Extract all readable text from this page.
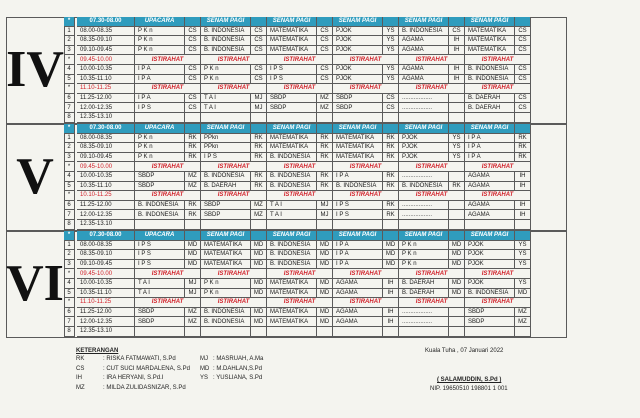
IV
*	07.30-08.00	UPACARA	SENAM PAGI	SENAM PAGI	SENAM PAGI	SENAM PAGI	SENAM PAGI
1	08.00-08.35	P K n	CS	B. INDONESIA	CS	MATEMATIKA	CS	PJOK	YS	B. INDONESIA	CS	MATEMATIKA	CS
2	08.35-09.10	P K n	CS	B. INDONESIA	CS	MATEMATIKA	CS	PJOK	YS	AGAMA	IH	MATEMATIKA	CS
3	09.10-09.45	P K n	CS	B. INDONESIA	CS	MATEMATIKA	CS	PJOK	YS	AGAMA	IH	MATEMATIKA	CS
*	09.45-10.00	ISTIRAHAT	ISTIRAHAT	ISTIRAHAT	ISTIRAHAT	ISTIRAHAT	ISTIRAHAT
4	10.00-10.35	I P A	CS	P K n	CS	I P S	CS	PJOK	YS	AGAMA	IH	B. INDONESIA	CS
5	10.35-11.10	I P A	CS	P K n	CS	I P S	CS	PJOK	YS	AGAMA	IH	B. INDONESIA	CS
*	11.10-11.25	ISTIRAHAT	ISTIRAHAT	ISTIRAHAT	ISTIRAHAT	ISTIRAHAT	ISTIRAHAT
6	11.25-12.00	I P A	CS	T A I	MJ	SBDP	MZ	SBDP	CS	..................	B. DAERAH	CS
7	12.00-12.35	I P S	CS	T A I	MJ	SBDP	MZ	SBDP	CS	..................	B. DAERAH	CS
8	12.35-13.10
V
*	07.30-08.00	UPACARA	SENAM PAGI	SENAM PAGI	SENAM PAGI	SENAM PAGI	SENAM PAGI
1	08.00-08.35	P K n	RK	PPkn	RK	MATEMATIKA	RK	MATEMATIKA	RK	PJOK	YS	I P A	RK
2	08.35-09.10	P K n	RK	PPkn	RK	MATEMATIKA	RK	MATEMATIKA	RK	PJOK	YS	I P A	RK
3	09.10-09.45	P K n	RK	I P S	RK	B. INDONESIA	RK	MATEMATIKA	RK	PJOK	YS	I P A	RK
*	09.45-10.00	ISTIRAHAT	ISTIRAHAT	ISTIRAHAT	ISTIRAHAT	ISTIRAHAT	ISTIRAHAT
4	10.00-10.35	SBDP	MZ	B. INDONESIA	RK	B. INDONESIA	RK	I P A	RK	..................	AGAMA	IH
5	10.35-11.10	SBDP	MZ	B. DAERAH	RK	B. INDONESIA	RK	B. INDONESIA	RK	B. INDONESIA	RK	AGAMA	IH
*	10.10-11.25	ISTIRAHAT	ISTIRAHAT	ISTIRAHAT	ISTIRAHAT	ISTIRAHAT	ISTIRAHAT
6	11.25-12.00	B. INDONESIA	RK	SBDP	MZ	T A I	MJ	I P S	RK	..................	AGAMA	IH
7	12.00-12.35	B. INDONESIA	RK	SBDP	MZ	T A I	MJ	I P S	RK	..................	AGAMA	IH
8	12.35-13.10
VI
*	07.30-08.00	UPACARA	SENAM PAGI	SENAM PAGI	SENAM PAGI	SENAM PAGI	SENAM PAGI
1	08.00-08.35	I P S	MD	MATEMATIKA	MD	B. INDONESIA	MD	I P A	MD	P K n	MD	PJOK	YS
2	08.35-09.10	I P S	MD	MATEMATIKA	MD	B. INDONESIA	MD	I P A	MD	P K n	MD	PJOK	YS
3	09.10-09.45	I P S	MD	MATEMATIKA	MD	B. INDONESIA	MD	I P A	MD	P K n	MD	PJOK	YS
*	09.45-10.00	ISTIRAHAT	ISTIRAHAT	ISTIRAHAT	ISTIRAHAT	ISTIRAHAT	ISTIRAHAT
4	10.00-10.35	T A I	MJ	P K n	MD	MATEMATIKA	MD	AGAMA	IH	B. DAERAH	MD	PJOK	YS
5	10.35-11.10	T A I	MJ	P K n	MD	MATEMATIKA	MD	AGAMA	IH	B. DAERAH	MD	B. INDONESIA	MD
*	11.10-11.25	ISTIRAHAT	ISTIRAHAT	ISTIRAHAT	ISTIRAHAT	ISTIRAHAT	ISTIRAHAT
6	11.25-12.00	SBDP	MZ	B. INDONESIA	MD	MATEMATIKA	MD	AGAMA	IH	..................	SBDP	MZ
7	12.00-12.35	SBDP	MZ	B. INDONESIA	MD	MATEMATIKA	MD	AGAMA	IH	..................	SBDP	MZ
8	12.35-13.10
KETERANGAN
RK	: RISKA FATMAWATI, S.Pd	MJ : MASRUAH, A.Ma
CS	: CUT SUCI MARDALENA, S.Pd MD : M.DAHLAN,S.Pd
IH	: IRA HERYANI, S.Pd.I	YS : YUSLIANA, S.Pd
MZ	: MILDA ZULIDASNIZAR, S.Pd
Kuala Tuha , 07 Januari 2022
( SALAMUDDIN, S.Pd )
NIP. 19650510 198801 1 001
